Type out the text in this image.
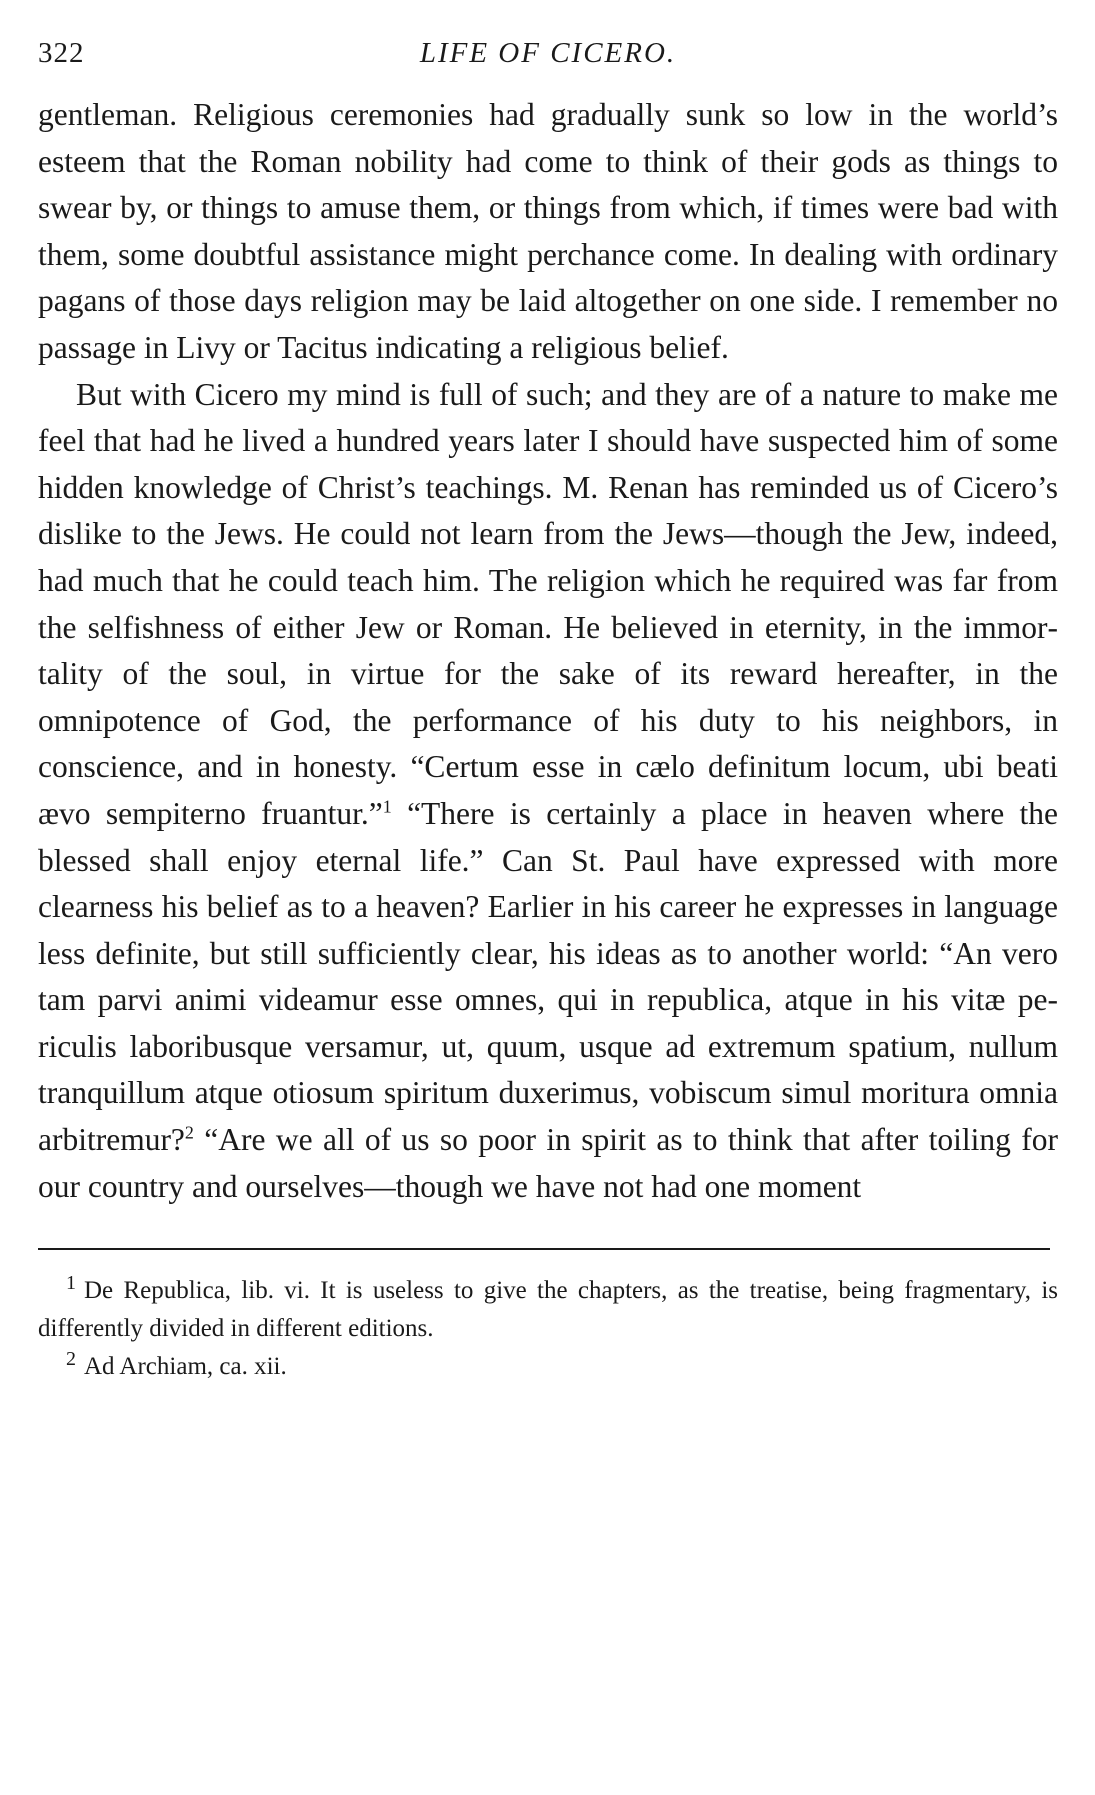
322	LIFE OF CICERO.

gentleman. Religious ceremonies had gradually sunk so low in the world’s esteem that the Roman nobility had come to think of their gods as things to swear by, or things to amuse them, or things from which, if times were bad with them, some doubtful assistance might perchance come. In dealing with ordinary pagans of those days religion may be laid altogether on one side. I remember no passage in Livy or Tacitus indicating a religious belief.

But with Cicero my mind is full of such; and they are of a nature to make me feel that had he lived a hundred years later I should have suspected him of some hidden knowledge of Christ’s teachings. M. Renan has reminded us of Cicero’s dislike to the Jews. He could not learn from the Jews—though the Jew, indeed, had much that he could teach him. The religion which he required was far from the selfishness of either Jew or Roman. He believed in eternity, in the immortality of the soul, in virtue for the sake of its reward hereafter, in the omnipotence of God, the performance of his duty to his neighbors, in conscience, and in honesty. “Certum esse in cælo definitum locum, ubi beati ævo sempiterno fruantur.”$^1$ “There is certainly a place in heaven where the blessed shall enjoy eternal life.” Can St. Paul have expressed with more clearness his belief as to a heaven? Earlier in his career he expresses in language less definite, but still sufficiently clear, his ideas as to another world: “An vero tam parvi animi videamur esse omnes, qui in republica, atque in his vitæ periculis laboribusque versamur, ut, quum, usque ad extremum spatium, nullum tranquillum atque otiosum spiritum duxerimus, vobiscum simul moritura omnia arbitremur?$^2$ “Are we all of us so poor in spirit as to think that after toiling for our country and ourselves—though we have not had one moment

$^1$ De Republica, lib. vi. It is useless to give the chapters, as the treatise, being fragmentary, is differently divided in different editions.

$^2$ Ad Archiam, ca. xii.
